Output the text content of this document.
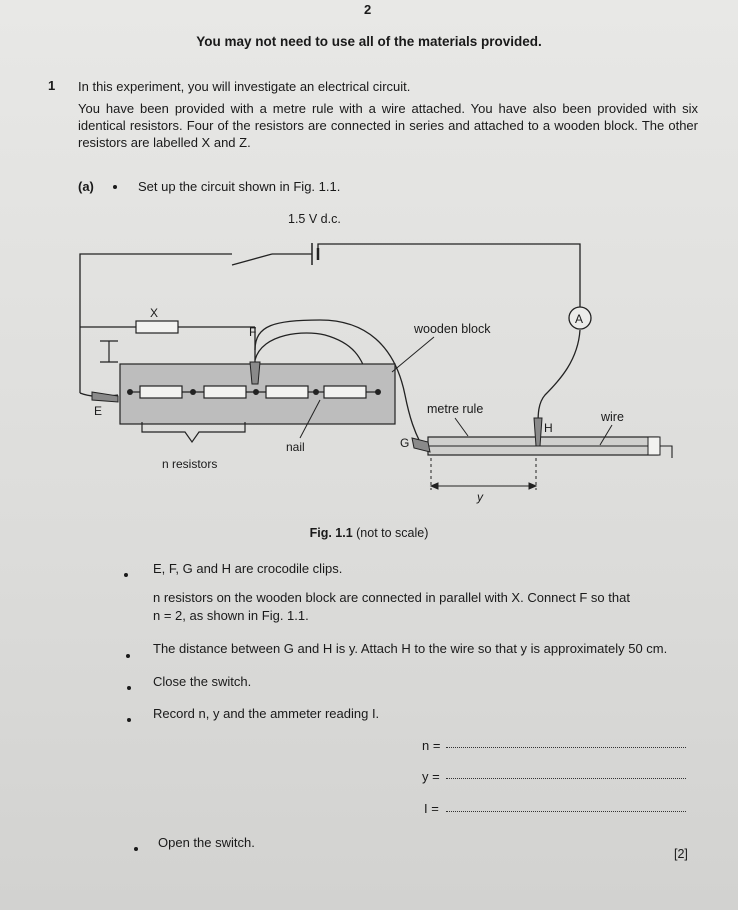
2
You may not need to use all of the materials provided.
1 In this experiment, you will investigate an electrical circuit.
You have been provided with a metre rule with a wire attached. You have also been provided with six identical resistors. Four of the resistors are connected in series and attached to a wooden block. The other resistors are labelled X and Z.
(a)	Set up the circuit shown in Fig. 1.1.
1.5 V d.c.
A
X
F
E
n resistors
nail
wooden block
metre rule
wire
G
H
y
Fig. 1.1 (not to scale)
E, F, G and H are crocodile clips.
n resistors on the wooden block are connected in parallel with X. Connect F so that
n = 2, as shown in Fig. 1.1.
The distance between G and H is y. Attach H to the wire so that y is approximately 50 cm.
Close the switch.
Record n, y and the ammeter reading I.
n =
y =
I =
Open the switch.
[2]
